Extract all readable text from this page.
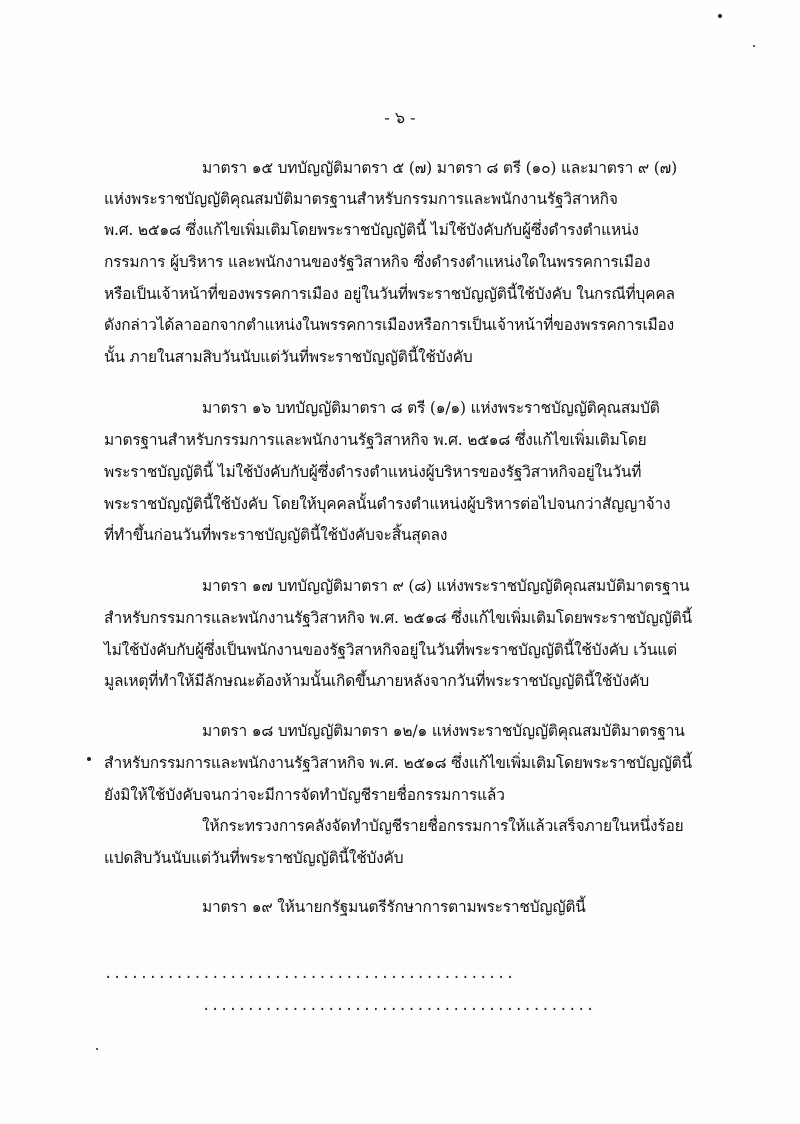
- ๖ -
มาตรา ๑๕ บทบัญญัติมาตรา ๕ (๗) มาตรา ๘ ตรี (๑๐) และมาตรา ๙ (๗)
แห่งพระราชบัญญัติคุณสมบัติมาตรฐานสำหรับกรรมการและพนักงานรัฐวิสาหกิจ
พ.ศ. ๒๕๑๘ ซึ่งแก้ไขเพิ่มเติมโดยพระราชบัญญัตินี้ ไม่ใช้บังคับกับผู้ซึ่งดำรงตำแหน่ง
กรรมการ ผู้บริหาร และพนักงานของรัฐวิสาหกิจ ซึ่งดำรงตำแหน่งใดในพรรคการเมือง
หรือเป็นเจ้าหน้าที่ของพรรคการเมือง อยู่ในวันที่พระราชบัญญัตินี้ใช้บังคับ ในกรณีที่บุคคล
ดังกล่าวได้ลาออกจากตำแหน่งในพรรคการเมืองหรือการเป็นเจ้าหน้าที่ของพรรคการเมือง
นั้น ภายในสามสิบวันนับแต่วันที่พระราชบัญญัตินี้ใช้บังคับ
มาตรา ๑๖ บทบัญญัติมาตรา ๘ ตรี (๑/๑) แห่งพระราชบัญญัติคุณสมบัติ
มาตรฐานสำหรับกรรมการและพนักงานรัฐวิสาหกิจ พ.ศ. ๒๕๑๘ ซึ่งแก้ไขเพิ่มเติมโดย
พระราชบัญญัตินี้ ไม่ใช้บังคับกับผู้ซึ่งดำรงตำแหน่งผู้บริหารของรัฐวิสาหกิจอยู่ในวันที่
พระราชบัญญัตินี้ใช้บังคับ โดยให้บุคคลนั้นดำรงตำแหน่งผู้บริหารต่อไปจนกว่าสัญญาจ้าง
ที่ทำขึ้นก่อนวันที่พระราชบัญญัตินี้ใช้บังคับจะสิ้นสุดลง
มาตรา ๑๗ บทบัญญัติมาตรา ๙ (๘) แห่งพระราชบัญญัติคุณสมบัติมาตรฐาน
สำหรับกรรมการและพนักงานรัฐวิสาหกิจ พ.ศ. ๒๕๑๘ ซึ่งแก้ไขเพิ่มเติมโดยพระราชบัญญัตินี้
ไม่ใช้บังคับกับผู้ซึ่งเป็นพนักงานของรัฐวิสาหกิจอยู่ในวันที่พระราชบัญญัตินี้ใช้บังคับ เว้นแต่
มูลเหตุที่ทำให้มีลักษณะต้องห้ามนั้นเกิดขึ้นภายหลังจากวันที่พระราชบัญญัตินี้ใช้บังคับ
มาตรา ๑๘ บทบัญญัติมาตรา ๑๒/๑ แห่งพระราชบัญญัติคุณสมบัติมาตรฐาน
สำหรับกรรมการและพนักงานรัฐวิสาหกิจ พ.ศ. ๒๕๑๘ ซึ่งแก้ไขเพิ่มเติมโดยพระราชบัญญัตินี้
ยังมิให้ใช้บังคับจนกว่าจะมีการจัดทำบัญชีรายชื่อกรรมการแล้ว
ให้กระทรวงการคลังจัดทำบัญชีรายชื่อกรรมการให้แล้วเสร็จภายในหนึ่งร้อย
แปดสิบวันนับแต่วันที่พระราชบัญญัตินี้ใช้บังคับ
มาตรา ๑๙ ให้นายกรัฐมนตรีรักษาการตามพระราชบัญญัตินี้
..............................................
............................................
